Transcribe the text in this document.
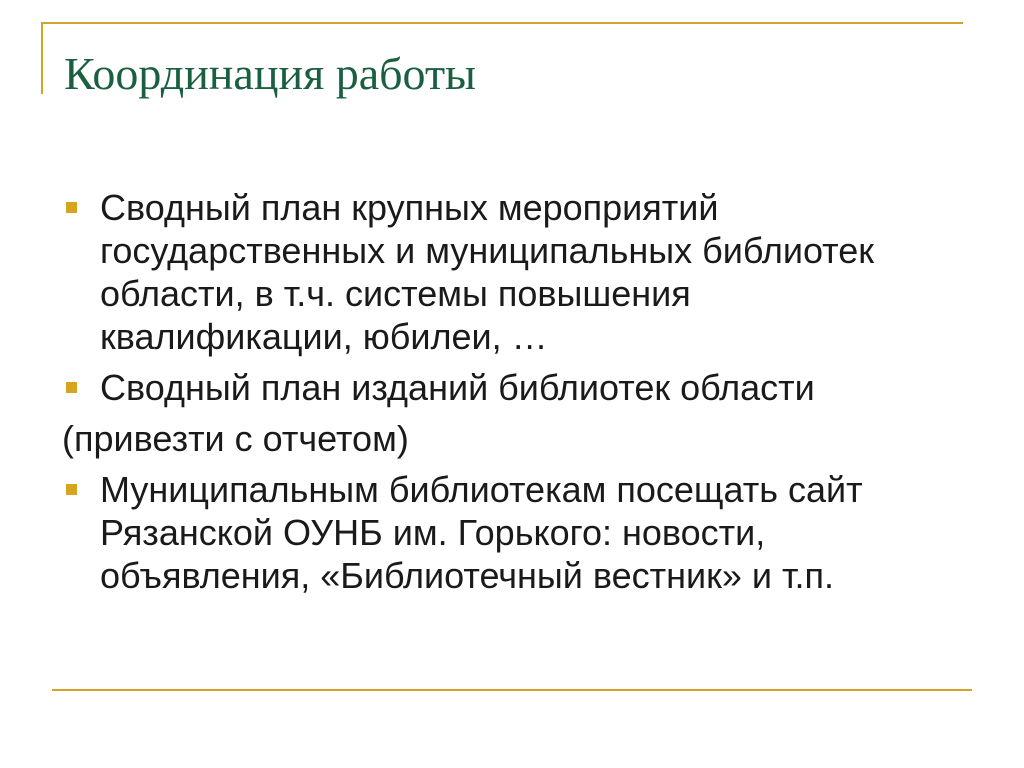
Координация работы
Сводный план крупных мероприятий государственных и муниципальных библиотек области, в т.ч. системы повышения квалификации, юбилеи, …
Сводный план изданий библиотек области
(привезти с отчетом)
Муниципальным библиотекам посещать сайт Рязанской ОУНБ им. Горького: новости, объявления, «Библиотечный вестник» и т.п.
